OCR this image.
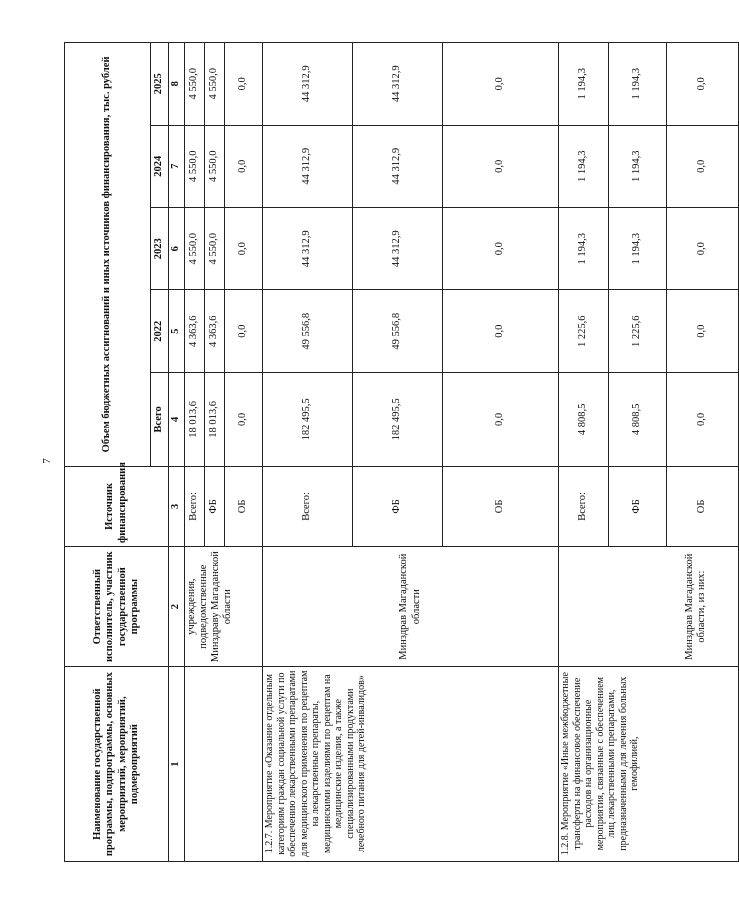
7
Наименование государственной программы, подпрограммы, основных мероприятий, мероприятий, подмероприятий	Ответственный исполнитель, участник государственной программы	Источник финансирования	Объем бюджетных ассигнований и иных источников финансирования, тыс. рублей				
			Всего	2022	2023	2024	2025

1	2	3	4	5	6	7	8
	учреждения, подведомственные Минздраву Магаданской области	Всего:	18 013,6	4 363,6	4 550,0	4 550,0	4 550,0
		ФБ	18 013,6	4 363,6	4 550,0	4 550,0	4 550,0
		ОБ	0,0	0,0	0,0	0,0	0,0
1.2.7. Мероприятие «Оказание отдельным категориям граждан социальной услуги по обеспечению лекарственными препаратами для медицинского применения по рецептам на лекарственные препараты, медицинскими изделиями по рецептам на медицинские изделия, а также специализированными продуктами лечебного питания для детей-инвалидов»	Минздрав Магаданской области	Всего:	182 495,5	49 556,8	44 312,9	44 312,9	44 312,9
		ФБ	182 495,5	49 556,8	44 312,9	44 312,9	44 312,9
		ОБ	0,0	0,0	0,0	0,0	0,0
1.2.8. Мероприятие «Иные межбюджетные трансферты на финансовое обеспечение расходов на организационные мероприятия, связанные с обеспечением лиц лекарственными препаратами, предназначенными для лечения больных гемофилией,	Минздрав Магаданской области, из них:	Всего:	4 808,5	1 225,6	1 194,3	1 194,3	1 194,3
		ФБ	4 808,5	1 225,6	1 194,3	1 194,3	1 194,3
		ОБ	0,0	0,0	0,0	0,0	0,0
